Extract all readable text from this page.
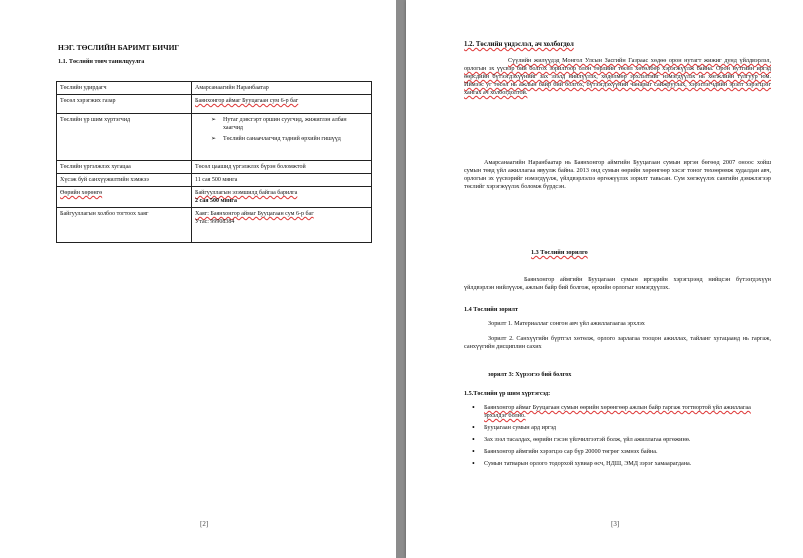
НЭГ. ТӨСЛИЙН БАРИМТ БИЧИГ
1.1. Төслийн товч танилцуулга
Төслийн удирдагч	Амарсанаагийн Наранбаатар
Төсөл хэрэгжих газар	Баянхонгор аймаг Бууцагаан сум 6-р баг
Төслийн үр шим хүртэгчид	➢ Нутаг дэвсгэрт оршин суугчид, жижиглэн албан хаагчид
➢ Төслийн санаачлагчид тэдний өрхийн гишүүд

Төслийн үргэлжлэх хугацаа	Төсөл цаашид үргэлжлэх бүрэн боломжтой
Хүсэж буй санхүүжилтийн хэмжээ	11 сая 500 мянга
Өөрийн хөрөнгө	Байгууллагын эзэмшилд байгаа барилга
2 сая 500 мянга

Байгууллагын холбоо тогтоох хаяг	Хаяг: Баянхонгор аймаг Бууцагаан сум 6-р баг
Утас: 99908384
[2]
1.2. Төслийн үндэслэл, ач холбогдол
Сүүлийн жилүүдэд Монгол Улсын Засгийн Газраас хөдөө орон нутагт жижиг дунд үйлдвэрлэл, орлогын эх үүсвэр бий болгох зорилгоор олон төрлийн төсөл хөтөлбөр хэрэгжүүлж байна. Орон нутгийн иргэд өөрсдийн бүтээгдэхүүнийг зах зээлд нийлүүлэх, хөдөлмөр эрхлэлтийг нэмэгдүүлэх нь хөгжлийн тулгуур юм. Иймээс уг төсөл нь ажлын байр бий болгох, бүтээгдэхүүний чанарыг сайжруулах, хэрэглэгчдийн эрэлт хэрэгцээг хангах ач холбогдолтой.
Амарсанаагийн Наранбаатар нь Баянхонгор аймгийн Бууцагаан сумын иргэн бөгөөд 2007 оноос хойш сумын төвд үйл ажиллагаа явуулж байна. 2013 онд сумын өөрийн хөрөнгөөр хэсэг тоног төхөөрөмж худалдан авч, орлогын эх үүсвэрийг нэмэгдүүлж, үйлдвэрлэлээ өргөжүүлэх зорилт тавьсан. Сум хөгжүүлэх сангийн дэмжлэгээр төслийг хэрэгжүүлэх боломж бүрдсэн.
1.3 Төслийн зорилго
Баянхонгор аймгийн Бууцагаан сумын иргэдийн хэрэгцээнд нийцсэн бүтээгдэхүүн үйлдвэрлэн нийлүүлж, ажлын байр бий болгож, өрхийн орлогыг нэмэгдүүлэх.
1.4 Төслийн зорилт
Зорилт 1. Материаллаг сонгон авч үйл ажиллагаагаа эрхлэх
Зорилт 2. Санхүүгийн бүртгэл хөтөлж, орлого зарлагаа тооцон ажиллах, тайланг хугацаанд нь гаргаж, санхүүгийн дисциплин сахих
зорилт 3: Хүрээгээ бий болгох
1.5.Төслийн үр шим хүртэгсэд:
• Баянхонгор аймаг Бууцагаан сумын өөрийн хөрөнгөөр ажлын байр гаргаж тогтвортой үйл ажиллагаа эрхэлдэг болно.
• Бууцагаан сумын ард иргэд
• Зах зээл тасалдах, өөрийн гэсэн үйлчилгээтэй болж, үйл ажиллагаа өргөжинө.
• Баянхонгор аймгийн хэрэгцээ сар бүр 20000 төгрөг хэмнэх байна.
• Сумын татварын орлого тодорхой хувиар өсч, НДШ, ЭМД зэрэг хамаарагдана.
[3]
